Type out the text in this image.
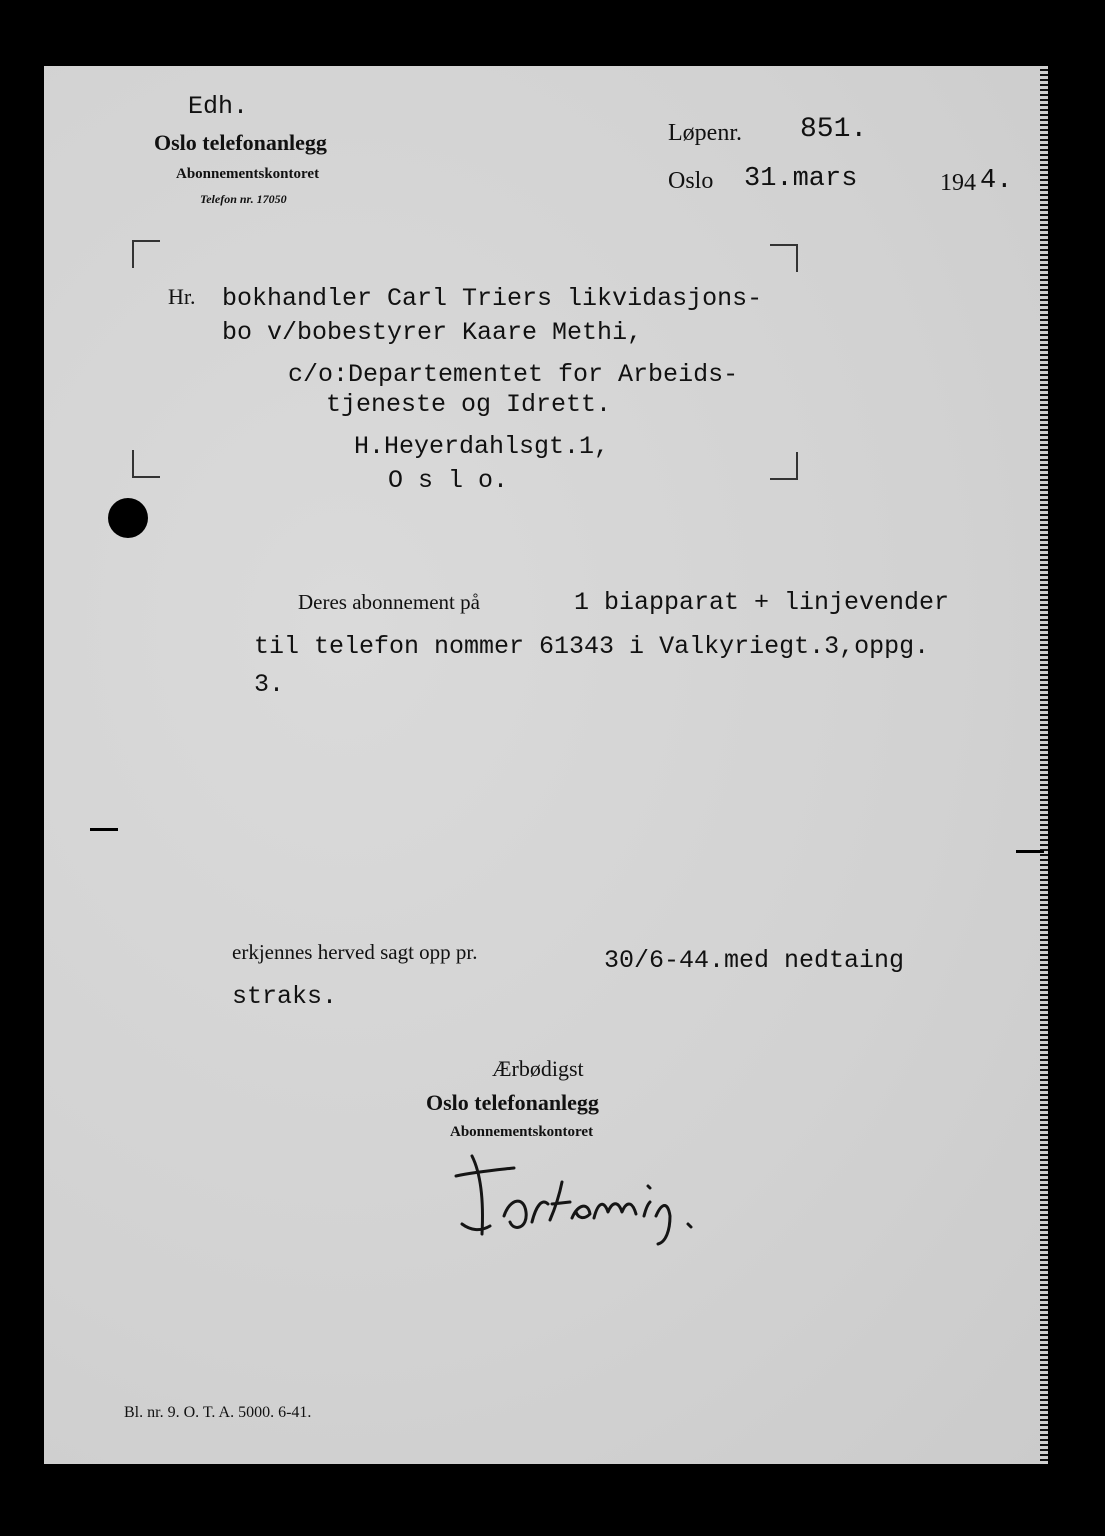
Edh.

Oslo telefonanlegg

Abonnementskontoret

Telefon nr. 17050

Løpenr. 851.

Oslo 31.mars	194 4.

Hr. bokhandler Carl Triers likvidasjons-

bo v/bobestyrer Kaare Methi,

c/o:Departementet for Arbeids-

tjeneste og Idrett.

H.Heyerdahlsgt.1,

O s l o.

Deres abonnement på	1 biapparat + linjevender

til telefon nommer 61343 i Valkyriegt.3,oppg.

3.

erkjennes herved sagt opp pr.	30/6-44.med nedtaing

straks.

Ærbødigst

Oslo telefonanlegg

Abonnementskontoret

Bl. nr. 9. O. T. A. 5000. 6-41.
